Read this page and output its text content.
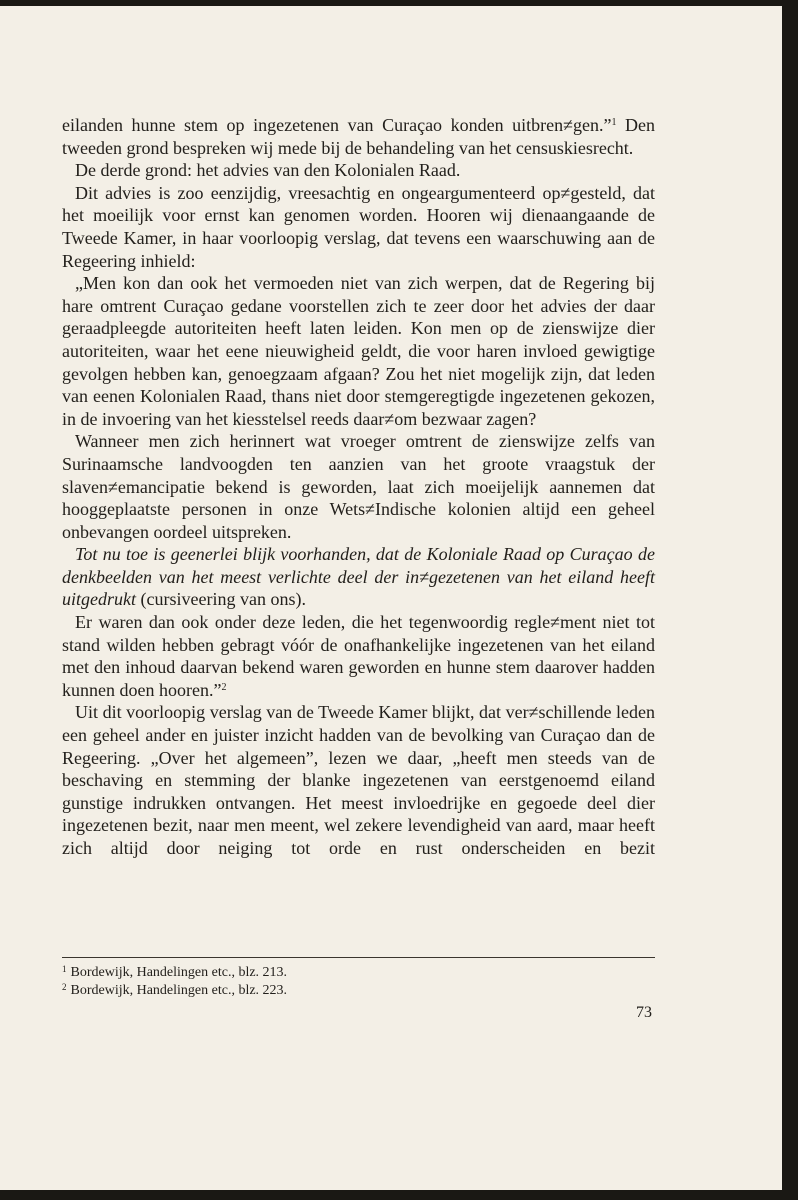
eilanden hunne stem op ingezetenen van Curaçao konden uitbren≠gen.”$^1$ Den tweeden grond bespreken wij mede bij de behandeling van het censuskiesrecht.

De derde grond: het advies van den Kolonialen Raad.

Dit advies is zoo eenzijdig, vreesachtig en ongeargumenteerd op≠gesteld, dat het moeilijk voor ernst kan genomen worden. Hooren wij dienaangaande de Tweede Kamer, in haar voorloopig verslag, dat tevens een waarschuwing aan de Regeering inhield:

„Men kon dan ook het vermoeden niet van zich werpen, dat de Regering bij hare omtrent Curaçao gedane voorstellen zich te zeer door het advies der daar geraadpleegde autoriteiten heeft laten leiden. Kon men op de zienswijze dier autoriteiten, waar het eene nieuwigheid geldt, die voor haren invloed gewigtige gevolgen hebben kan, genoegzaam afgaan? Zou het niet mogelijk zijn, dat leden van eenen Kolonialen Raad, thans niet door stemgeregtigde ingezetenen gekozen, in de invoering van het kiesstelsel reeds daar≠om bezwaar zagen?

Wanneer men zich herinnert wat vroeger omtrent de zienswijze zelfs van Surinaamsche landvoogden ten aanzien van het groote vraagstuk der slaven≠emancipatie bekend is geworden, laat zich moeijelijk aannemen dat hooggeplaatste personen in onze Wets≠Indische kolonien altijd een geheel onbevangen oordeel uitspreken.

Tot nu toe is geenerlei blijk voorhanden, dat de Koloniale Raad op Curaçao de denkbeelden van het meest verlichte deel der in≠gezetenen van het eiland heeft uitgedrukt (cursiveering van ons).

Er waren dan ook onder deze leden, die het tegenwoordig regle≠ment niet tot stand wilden hebben gebragt vóór de onafhankelijke ingezetenen van het eiland met den inhoud daarvan bekend waren geworden en hunne stem daarover hadden kunnen doen hooren.”$^2$

Uit dit voorloopig verslag van de Tweede Kamer blijkt, dat ver≠schillende leden een geheel ander en juister inzicht hadden van de bevolking van Curaçao dan de Regeering. „Over het algemeen”, lezen we daar, „heeft men steeds van de beschaving en stemming der blanke ingezetenen van eerstgenoemd eiland gunstige indrukken ontvangen. Het meest invloedrijke en gegoede deel dier ingezetenen bezit, naar men meent, wel zekere levendigheid van aard, maar heeft zich altijd door neiging tot orde en rust onderscheiden en bezit

$^1$ Bordewijk, Handelingen etc., blz. 213.
$^2$ Bordewijk, Handelingen etc., blz. 223.
73
